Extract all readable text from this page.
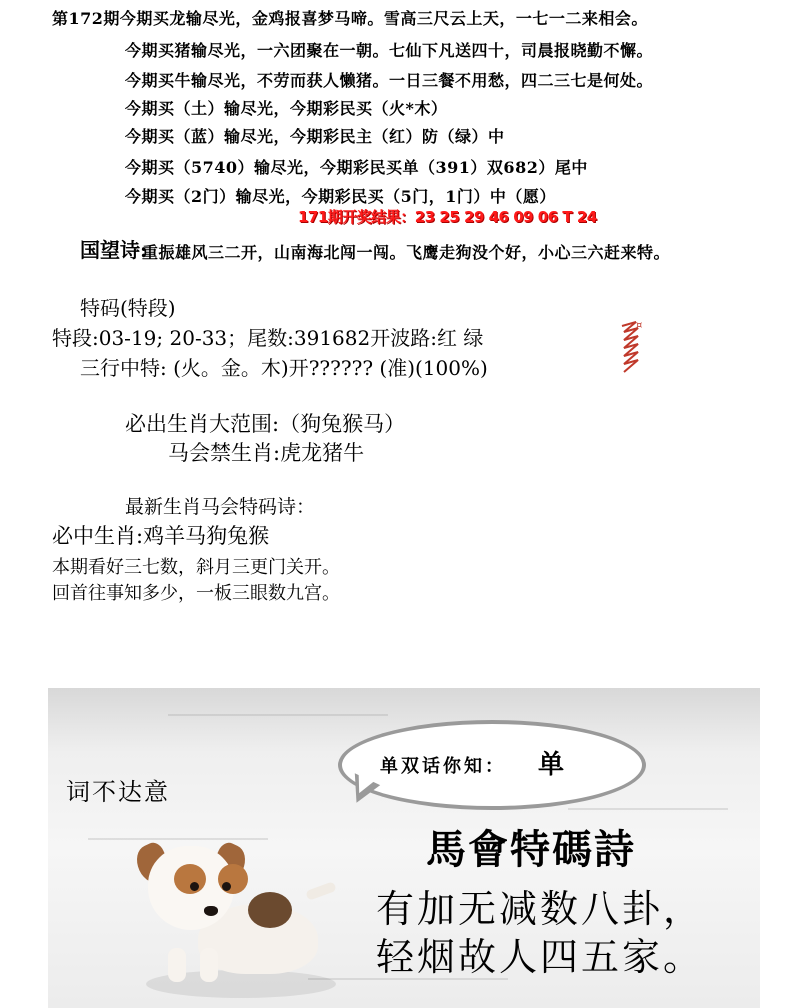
第172期今期买龙输尽光，金鸡报喜梦马啼。雪高三尺云上天，一七一二来相会。
今期买猪输尽光，一六团聚在一朝。七仙下凡送四十，司晨报晓勤不懈。
今期买牛输尽光，不劳而获人懒猪。一日三餐不用愁，四二三七是何处。
今期买（土）输尽光，今期彩民买（火*木）
今期买（蓝）输尽光，今期彩民主（红）防（绿）中
今期买（5740）输尽光，今期彩民买单（391）双682）尾中
今期买（2门）输尽光，今期彩民买（5门，1门）中（愿）
171期开奖结果：23 25 29 46 09 06 T 24
国望诗:
重振雄风三二开，山南海北闯一闯。飞鹰走狗没个好，小心三六赶来特。
特码(特段)
特段:03-19; 20-33；尾数:391682开波路:红 绿
三行中特: (火。金。木)开?????? (准)(100%)
¤
必出生肖大范围:（狗兔猴马）
马会禁生肖:虎龙猪牛
最新生肖马会特码诗：
必中生肖:鸡羊马狗兔猴
本期看好三七数，斜月三更门关开。
回首往事知多少，一板三眼数九宫。
单双话你知： 单
词不达意
馬會特碼詩
有加无减数八卦，
轻烟故人四五家。
